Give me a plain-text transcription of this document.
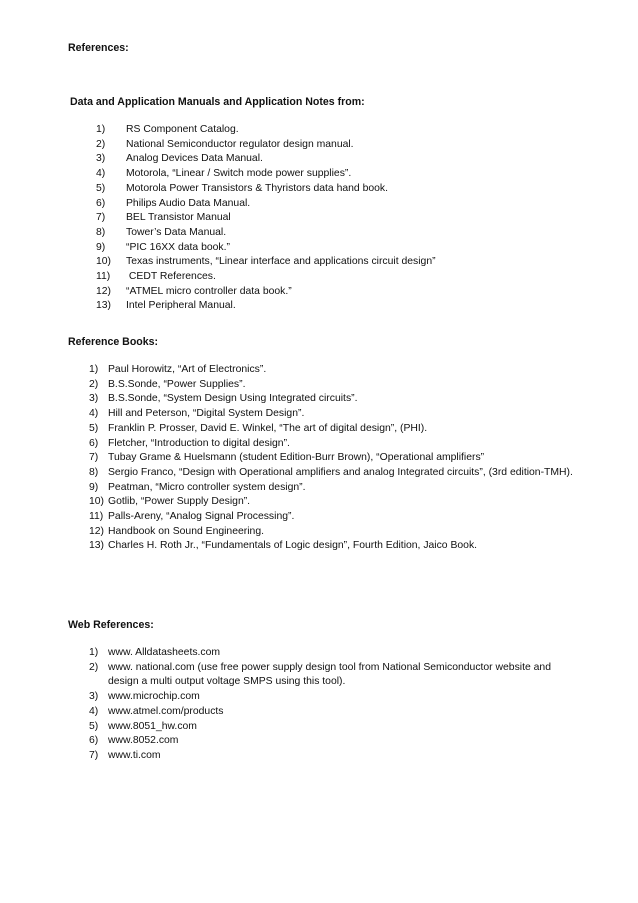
References:
Data and Application Manuals and Application Notes from:
1)	RS Component Catalog.
2)	National Semiconductor regulator design manual.
3)	Analog Devices Data Manual.
4)	Motorola, “Linear / Switch mode power supplies”.
5)	Motorola Power Transistors & Thyristors data hand book.
6)	Philips Audio Data Manual.
7)	BEL Transistor Manual
8)	Tower’s Data Manual.
9)	“PIC 16XX data book.”
10)	Texas instruments, “Linear interface and applications circuit design”
11)	CEDT References.
12)	“ATMEL micro controller data book.”
13)	Intel Peripheral Manual.
Reference Books:
1) Paul Horowitz, “Art of Electronics”.
2) B.S.Sonde, “Power Supplies”.
3) B.S.Sonde, “System Design Using Integrated circuits”.
4) Hill and Peterson, “Digital System Design”.
5) Franklin P. Prosser, David E. Winkel, “The art of digital design”, (PHI).
6) Fletcher, “Introduction to digital design”.
7) Tubay Grame & Huelsmann (student Edition-Burr Brown), “Operational amplifiers”
8) Sergio Franco, “Design with Operational amplifiers and analog Integrated circuits”, (3rd edition-TMH).
9) Peatman, “Micro controller system design”.
10) Gotlib, “Power Supply Design”.
11) Palls-Areny, “Analog Signal Processing”.
12) Handbook on Sound Engineering.
13) Charles H. Roth Jr., “Fundamentals of Logic design”, Fourth Edition, Jaico Book.
Web References:
1) www. Alldatasheets.com
2) www. national.com (use free power supply design tool from National Semiconductor website and design a multi output voltage SMPS using this tool).
3) www.microchip.com
4) www.atmel.com/products
5) www.8051_hw.com
6) www.8052.com
7) www.ti.com
